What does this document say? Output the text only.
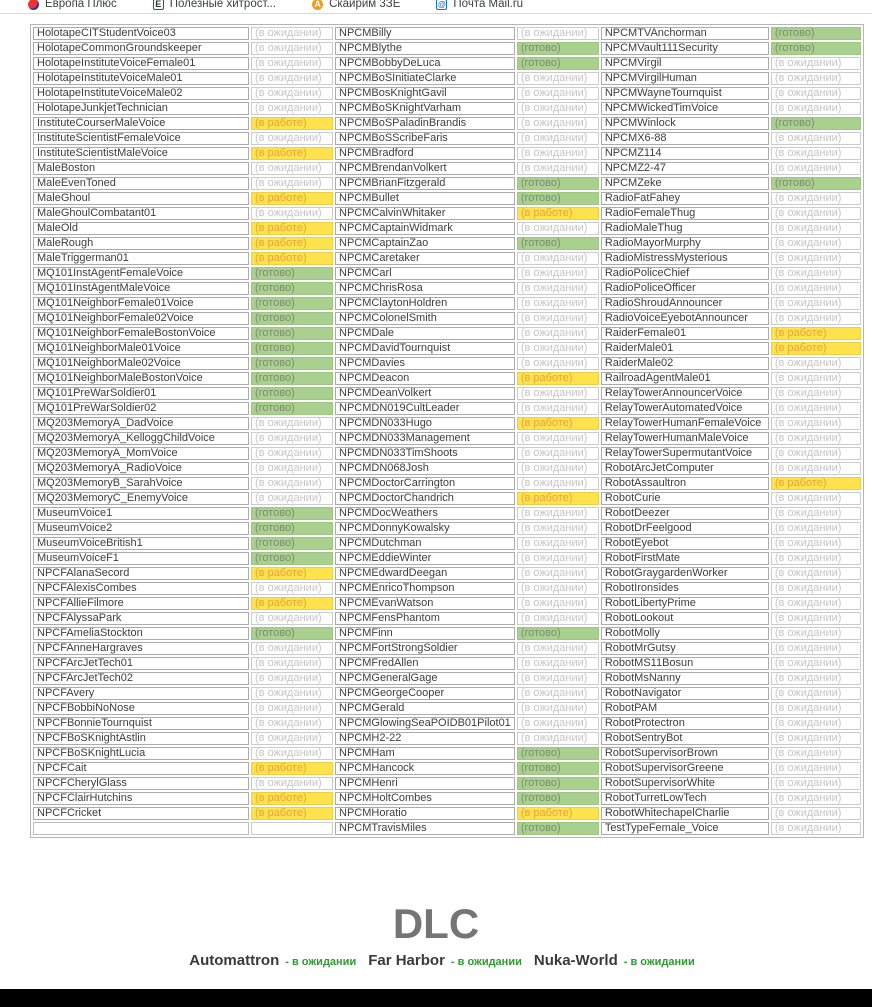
Европа Плюс	E Полезные хитрост...	A Скайрим 3ЗЕ	@ Почта Mail.ru
HolotapeCITStudentVoice03	(в ожидании)	NPCMBilly	(в ожидании)	NPCMTVAnchorman	(готово)
HolotapeCommonGroundskeeper	(в ожидании)	NPCMBlythe	(готово)	NPCMVault111Security	(готово)
HolotapeInstituteVoiceFemale01	(в ожидании)	NPCMBobbyDeLuca	(готово)	NPCMVirgil	(в ожидании)
HolotapeInstituteVoiceMale01	(в ожидании)	NPCMBoSInitiateClarke	(в ожидании)	NPCMVirgilHuman	(в ожидании)
HolotapeInstituteVoiceMale02	(в ожидании)	NPCMBosKnightGavil	(в ожидании)	NPCMWayneTournquist	(в ожидании)
HolotapeJunkjetTechnician	(в ожидании)	NPCMBoSKnightVarham	(в ожидании)	NPCMWickedTimVoice	(в ожидании)
InstituteCourserMaleVoice	(в работе)	NPCMBoSPaladinBrandis	(в ожидании)	NPCMWinlock	(готово)
InstituteScientistFemaleVoice	(в ожидании)	NPCMBoSScribeFaris	(в ожидании)	NPCMX6-88	(в ожидании)
InstituteScientistMaleVoice	(в работе)	NPCMBradford	(в ожидании)	NPCMZ114	(в ожидании)
MaleBoston	(в ожидании)	NPCMBrendanVolkert	(в ожидании)	NPCMZ2-47	(в ожидании)
MaleEvenToned	(в ожидании)	NPCMBrianFitzgerald	(готово)	NPCMZeke	(готово)
MaleGhoul	(в работе)	NPCMBullet	(готово)	RadioFatFahey	(в ожидании)
MaleGhoulCombatant01	(в ожидании)	NPCMCalvinWhitaker	(в работе)	RadioFemaleThug	(в ожидании)
MaleOld	(в работе)	NPCMCaptainWidmark	(в ожидании)	RadioMaleThug	(в ожидании)
MaleRough	(в работе)	NPCMCaptainZao	(готово)	RadioMayorMurphy	(в ожидании)
MaleTriggerman01	(в работе)	NPCMCaretaker	(в ожидании)	RadioMistressMysterious	(в ожидании)
MQ101InstAgentFemaleVoice	(готово)	NPCMCarl	(в ожидании)	RadioPoliceChief	(в ожидании)
MQ101InstAgentMaleVoice	(готово)	NPCMChrisRosa	(в ожидании)	RadioPoliceOfficer	(в ожидании)
MQ101NeighborFemale01Voice	(готово)	NPCMClaytonHoldren	(в ожидании)	RadioShroudAnnouncer	(в ожидании)
MQ101NeighborFemale02Voice	(готово)	NPCMColonelSmith	(в ожидании)	RadioVoiceEyebotAnnouncer	(в ожидании)
MQ101NeighborFemaleBostonVoice	(готово)	NPCMDale	(в ожидании)	RaiderFemale01	(в работе)
MQ101NeighborMale01Voice	(готово)	NPCMDavidTournquist	(в ожидании)	RaiderMale01	(в работе)
MQ101NeighborMale02Voice	(готово)	NPCMDavies	(в ожидании)	RaiderMale02	(в ожидании)
MQ101NeighborMaleBostonVoice	(готово)	NPCMDeacon	(в работе)	RailroadAgentMale01	(в ожидании)
MQ101PreWarSoldier01	(готово)	NPCMDeanVolkert	(в ожидании)	RelayTowerAnnouncerVoice	(в ожидании)
MQ101PreWarSoldier02	(готово)	NPCMDN019CultLeader	(в ожидании)	RelayTowerAutomatedVoice	(в ожидании)
MQ203MemoryA_DadVoice	(в ожидании)	NPCMDN033Hugo	(в работе)	RelayTowerHumanFemaleVoice	(в ожидании)
MQ203MemoryA_KelloggChildVoice	(в ожидании)	NPCMDN033Management	(в ожидании)	RelayTowerHumanMaleVoice	(в ожидании)
MQ203MemoryA_MomVoice	(в ожидании)	NPCMDN033TimShoots	(в ожидании)	RelayTowerSupermutantVoice	(в ожидании)
MQ203MemoryA_RadioVoice	(в ожидании)	NPCMDN068Josh	(в ожидании)	RobotArcJetComputer	(в ожидании)
MQ203MemoryB_SarahVoice	(в ожидании)	NPCMDoctorCarrington	(в ожидании)	RobotAssaultron	(в работе)
MQ203MemoryC_EnemyVoice	(в ожидании)	NPCMDoctorChandrich	(в работе)	RobotCurie	(в ожидании)
MuseumVoice1	(готово)	NPCMDocWeathers	(в ожидании)	RobotDeezer	(в ожидании)
MuseumVoice2	(готово)	NPCMDonnyKowalsky	(в ожидании)	RobotDrFeelgood	(в ожидании)
MuseumVoiceBritish1	(готово)	NPCMDutchman	(в ожидании)	RobotEyebot	(в ожидании)
MuseumVoiceF1	(готово)	NPCMEddieWinter	(в ожидании)	RobotFirstMate	(в ожидании)
NPCFAlanaSecord	(в работе)	NPCMEdwardDeegan	(в ожидании)	RobotGraygardenWorker	(в ожидании)
NPCFAlexisCombes	(в ожидании)	NPCMEnricoThompson	(в ожидании)	RobotIronsides	(в ожидании)
NPCFAllieFilmore	(в работе)	NPCMEvanWatson	(в ожидании)	RobotLibertyPrime	(в ожидании)
NPCFAlyssaPark	(в ожидании)	NPCMFensPhantom	(в ожидании)	RobotLookout	(в ожидании)
NPCFAmeliaStockton	(готово)	NPCMFinn	(готово)	RobotMolly	(в ожидании)
NPCFAnneHargraves	(в ожидании)	NPCMFortStrongSoldier	(в ожидании)	RobotMrGutsy	(в ожидании)
NPCFArcJetTech01	(в ожидании)	NPCMFredAllen	(в ожидании)	RobotMS11Bosun	(в ожидании)
NPCFArcJetTech02	(в ожидании)	NPCMGeneralGage	(в ожидании)	RobotMsNanny	(в ожидании)
NPCFAvery	(в ожидании)	NPCMGeorgeCooper	(в ожидании)	RobotNavigator	(в ожидании)
NPCFBobbiNoNose	(в ожидании)	NPCMGerald	(в ожидании)	RobotPAM	(в ожидании)
NPCFBonnieTournquist	(в ожидании)	NPCMGlowingSeaPOIDB01Pilot01	(в ожидании)	RobotProtectron	(в ожидании)
NPCFBoSKnightAstlin	(в ожидании)	NPCMH2-22	(в ожидании)	RobotSentryBot	(в ожидании)
NPCFBoSKnightLucia	(в ожидании)	NPCMHam	(готово)	RobotSupervisorBrown	(в ожидании)
NPCFCait	(в работе)	NPCMHancock	(готово)	RobotSupervisorGreene	(в ожидании)
NPCFCherylGlass	(в ожидании)	NPCMHenri	(готово)	RobotSupervisorWhite	(в ожидании)
NPCFClairHutchins	(в работе)	NPCMHoltCombes	(готово)	RobotTurretLowTech	(в ожидании)
NPCFCricket	(в работе)	NPCMHoratio	(в работе)	RobotWhitechapelCharlie	(в ожидании)
		NPCMTravisMiles	(готово)	TestTypeFemale_Voice	(в ожидании)
DLC
Automattron - в ожидании Far Harbor - в ожидании Nuka-World - в ожидании
